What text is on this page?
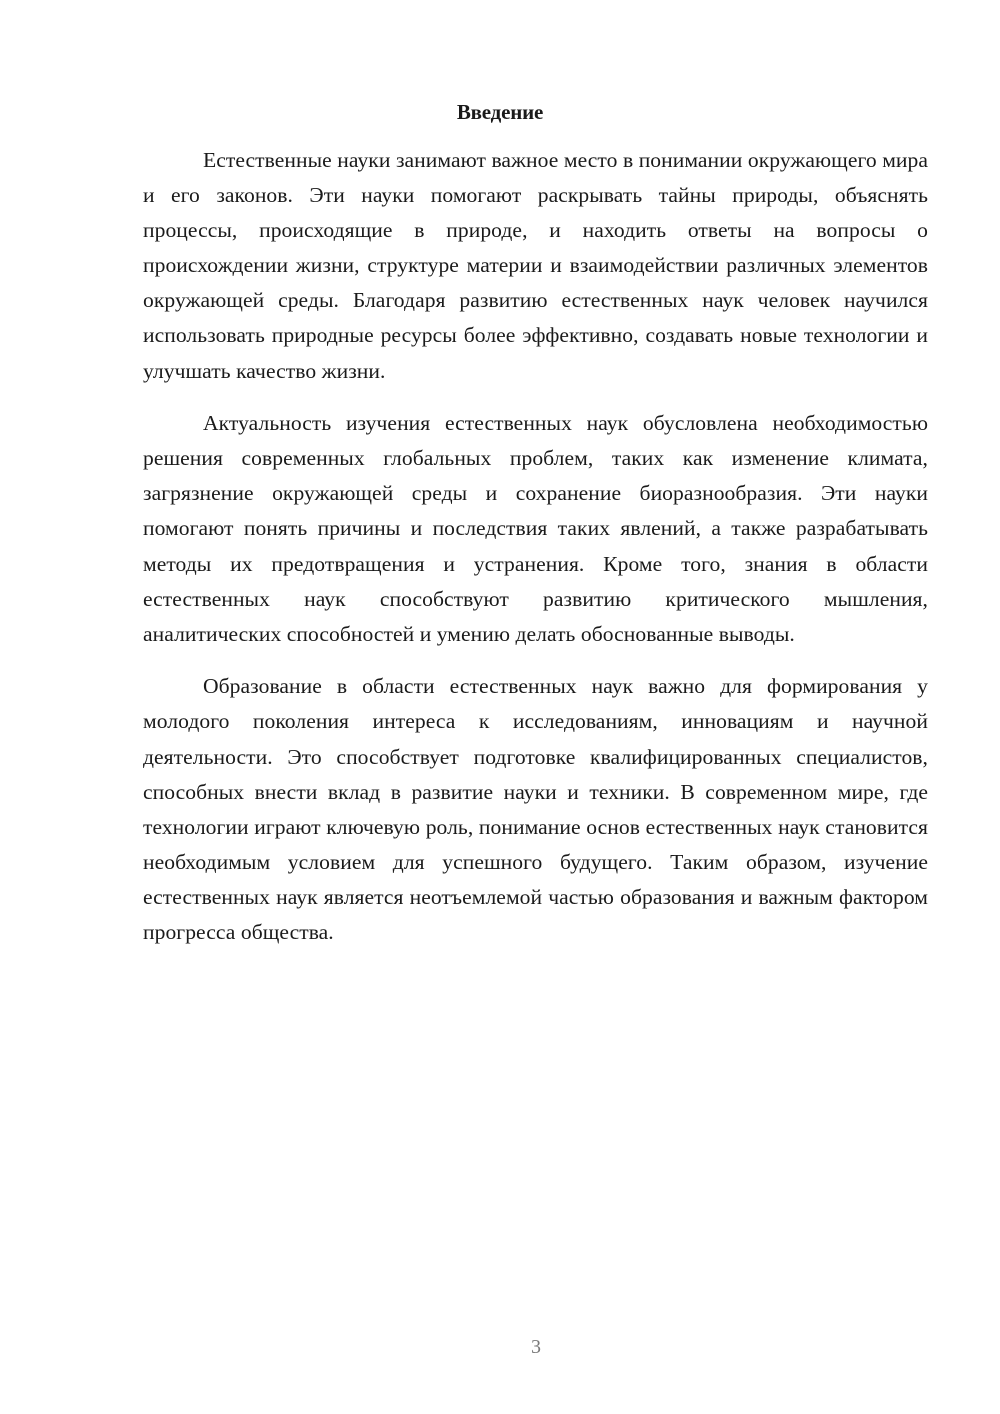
Введение

Естественные науки занимают важное место в понимании окружающего мира и его законов. Эти науки помогают раскрывать тайны природы, объяснять процессы, происходящие в природе, и находить ответы на вопросы о происхождении жизни, структуре материи и взаимодействии различных элементов окружающей среды. Благодаря развитию естественных наук человек научился использовать природные ресурсы более эффективно, создавать новые технологии и улучшать качество жизни.

Актуальность изучения естественных наук обусловлена необходимостью решения современных глобальных проблем, таких как изменение климата, загрязнение окружающей среды и сохранение биоразнообразия. Эти науки помогают понять причины и последствия таких явлений, а также разрабатывать методы их предотвращения и устранения. Кроме того, знания в области естественных наук способствуют развитию критического мышления, аналитических способностей и умению делать обоснованные выводы.

Образование в области естественных наук важно для формирования у молодого поколения интереса к исследованиям, инновациям и научной деятельности. Это способствует подготовке квалифицированных специалистов, способных внести вклад в развитие науки и техники. В современном мире, где технологии играют ключевую роль, понимание основ естественных наук становится необходимым условием для успешного будущего. Таким образом, изучение естественных наук является неотъемлемой частью образования и важным фактором прогресса общества.

3
